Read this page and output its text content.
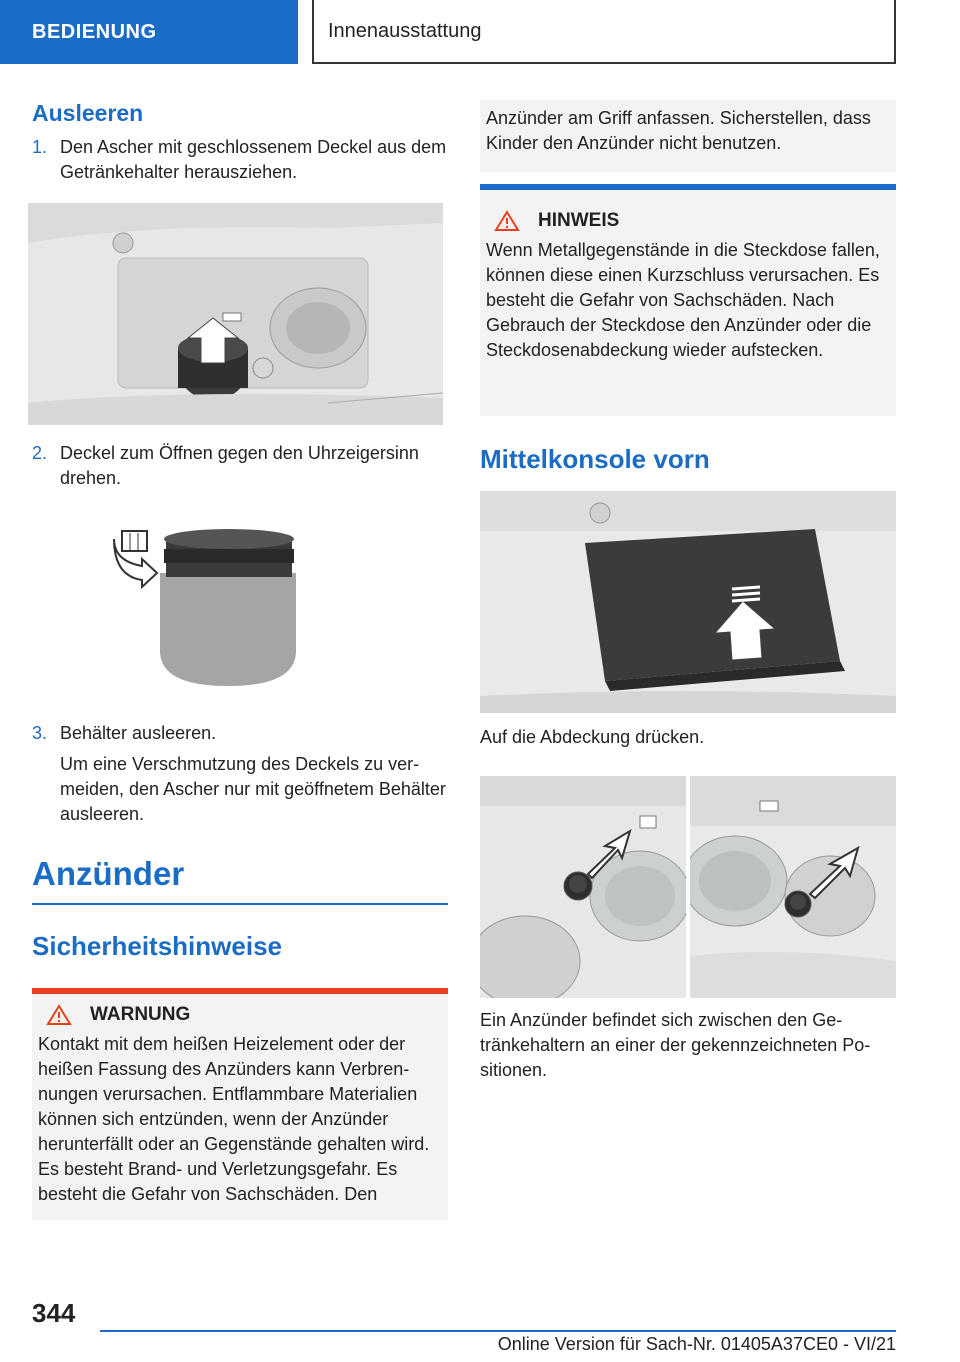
BEDIENUNG	Innenausstattung
Ausleeren
1. Den Ascher mit geschlossenem Deckel aus dem Getränkehalter herausziehen.
2. Deckel zum Öffnen gegen den Uhrzeigersinn drehen.
3. Behälter ausleeren.
Um eine Verschmutzung des Deckels zu vermeiden, den Ascher nur mit geöffnetem Behälter ausleeren.
Anzünder
Sicherheitshinweise
WARNUNG
Kontakt mit dem heißen Heizelement oder der heißen Fassung des Anzünders kann Verbrennungen verursachen. Entflammbare Materialien können sich entzünden, wenn der Anzünder herunterfällt oder an Gegenstände gehalten wird. Es besteht Brand- und Verletzungsgefahr. Es besteht die Gefahr von Sachschäden. Den
Anzünder am Griff anfassen. Sicherstellen, dass Kinder den Anzünder nicht benutzen.
HINWEIS
Wenn Metallgegenstände in die Steckdose fallen, können diese einen Kurzschluss verursachen. Es besteht die Gefahr von Sachschäden. Nach Gebrauch der Steckdose den Anzünder oder die Steckdosenabdeckung wieder aufstecken.
Mittelkonsole vorn
Auf die Abdeckung drücken.
Ein Anzünder befindet sich zwischen den Getränkehaltern an einer der gekennzeichneten Positionen.
344
Online Version für Sach-Nr. 01405A37CE0 - VI/21
